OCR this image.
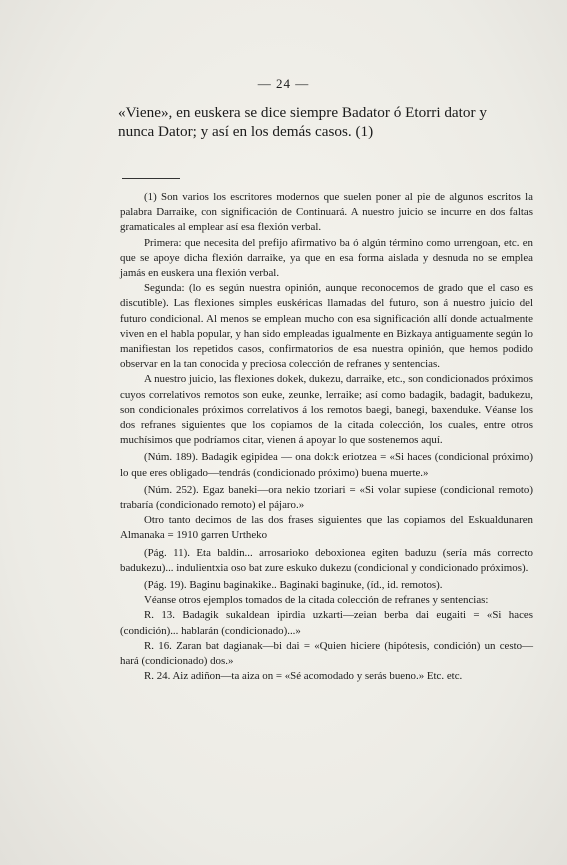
— 24 —
«Viene», en euskera se dice siempre Badator ó Etorri dator y
nunca Dator; y así en los demás casos. (1)

(1) Son varios los escritores modernos que suelen poner al pie de algunos escritos la palabra Darraike, con significación de Continuará. A nuestro juicio se incurre en dos faltas gramaticales al emplear así esa flexión verbal.

Primera: que necesita del prefijo afirmativo ba ó algún término como urrengoan, etc. en que se apoye dicha flexión darraike, ya que en esa forma aislada y desnuda no se emplea jamás en euskera una flexión verbal.

Segunda: (lo es según nuestra opinión, aunque reconocemos de grado que el caso es discutible). Las flexiones simples euskéricas llamadas del futuro, son á nuestro juicio del futuro condicional. Al menos se emplean mucho con esa significación allí donde actualmente viven en el habla popular, y han sido empleadas igualmente en Bizkaya antiguamente según lo manifiestan los repetidos casos, confirmatorios de esa nuestra opinión, que hemos podido observar en la tan conocida y preciosa colección de refranes y sentencias.

A nuestro juicio, las flexiones dokek, dukezu, darraike, etc., son condicionados próximos cuyos correlativos remotos son euke, zeunke, lerraike; así como badagik, badagit, badukezu, son condicionales próximos correlativos á los remotos baegi, banegi, baxenduke. Véanse los dos refranes siguientes que los copiamos de la citada colección, los cuales, entre otros muchísimos que podríamos citar, vienen á apoyar lo que sostenemos aquí.

(Núm. 189). Badagik egipidea — ona dok:k eriotzea = «Si haces (condicional próximo) lo que eres obligado—tendrás (condicionado próximo) buena muerte.»

(Núm. 252). Egaz baneki—ora nekio tzoriari = «Si volar supiese (condicional remoto) trabaría (condicionado remoto) el pájaro.»

Otro tanto decimos de las dos frases siguientes que las copiamos del Eskualdunaren Almanaka = 1910 garren Urtheko

(Pág. 11). Eta baldin... arrosarioko deboxionea egiten baduzu (sería más correcto badukezu)... indulientxia oso bat zure eskuko dukezu (condicional y condicionado próximos).

(Pág. 19). Baginu baginakike.. Baginaki baginuke, (íd., id. remotos).

Véanse otros ejemplos tomados de la citada colección de refranes y sentencias:

R. 13. Badagik sukaldean ipirdia uzkarti—zeian berba dai eugaiti = «Si haces (condición)... hablarán (condicionado)...»

R. 16. Zaran bat dagianak—bi dai = «Quien hiciere (hipótesis, condición) un cesto—hará (condicionado) dos.»

R. 24. Aiz adiñon—ta aiza on = «Sé acomodado y serás bueno.» Etc. etc.
